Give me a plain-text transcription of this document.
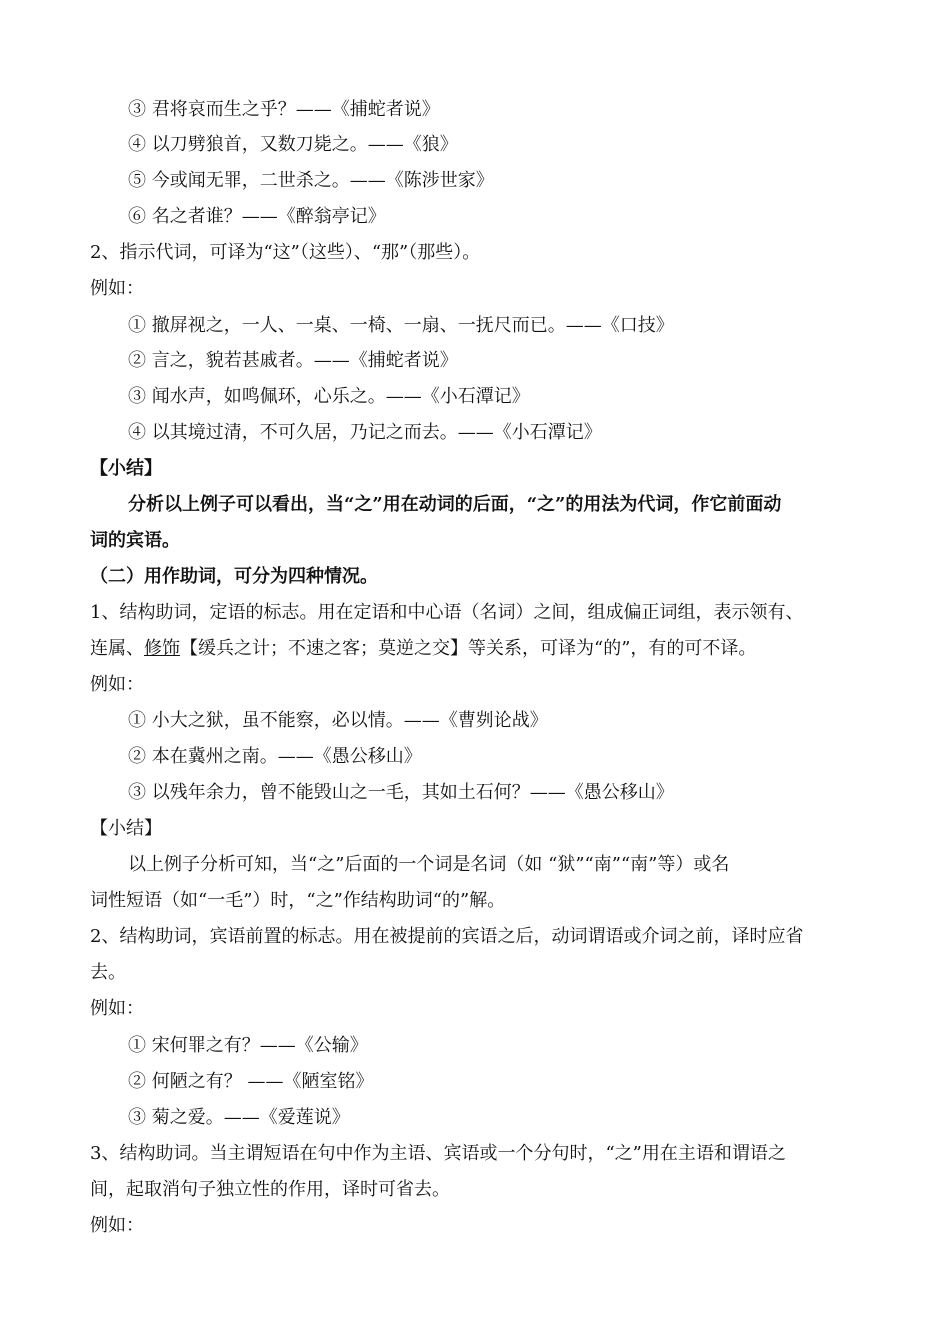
③ 君将哀而生之乎？——《捕蛇者说》
④ 以刀劈狼首，又数刀毙之。——《狼》
⑤ 今或闻无罪，二世杀之。——《陈涉世家》
⑥ 名之者谁？——《醉翁亭记》
2、指示代词，可译为“这”（这些）、“那”（那些）。
例如：
① 撤屏视之，一人、一桌、一椅、一扇、一抚尺而已。——《口技》
② 言之，貌若甚戚者。——《捕蛇者说》
③ 闻水声，如鸣佩环，心乐之。——《小石潭记》
④ 以其境过清，不可久居，乃记之而去。——《小石潭记》
【小结】
分析以上例子可以看出，当“之”用在动词的后面，“之”的用法为代词，作它前面动
词的宾语。
（二）用作助词，可分为四种情况。
1、结构助词，定语的标志。用在定语和中心语（名词）之间，组成偏正词组，表示领有、
连属、修饰【缓兵之计；不速之客；莫逆之交】等关系，可译为“的”，有的可不译。
例如：
① 小大之狱，虽不能察，必以情。——《曹刿论战》
② 本在冀州之南。——《愚公移山》
③ 以残年余力，曾不能毁山之一毛，其如土石何？——《愚公移山》
【小结】
以上例子分析可知，当“之”后面的一个词是名词（如 “狱”“南”“南”等）或名
词性短语（如“一毛”）时，“之”作结构助词“的”解。
2、结构助词，宾语前置的标志。用在被提前的宾语之后，动词谓语或介词之前，译时应省
去。
例如：
① 宋何罪之有？——《公输》
② 何陋之有？ ——《陋室铭》
③ 菊之爱。——《爱莲说》
3、结构助词。当主谓短语在句中作为主语、宾语或一个分句时，“之”用在主语和谓语之
间，起取消句子独立性的作用，译时可省去。
例如：
